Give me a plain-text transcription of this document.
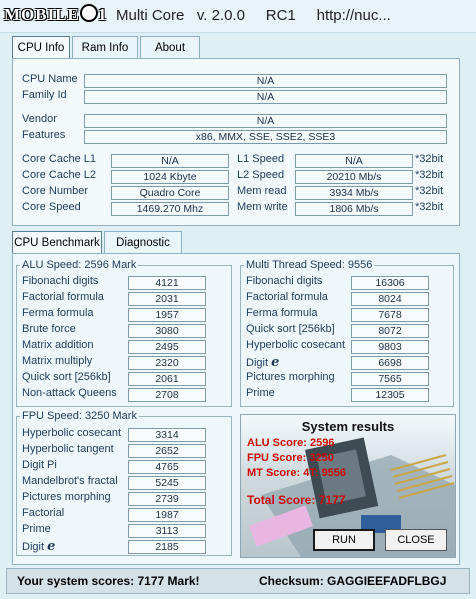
MOBILE 1 Multi Core   v. 2.0.0     RC1     http://nuc...
CPU Info	Ram Info	About
CPU Name	N/A
Family Id	N/A
Vendor	N/A
Features	x86, MMX, SSE, SSE2, SSE3
Core Cache L1	N/A
Core Cache L2	1024 Kbyte
Core Number	Quadro Core
Core Speed	1469.270 Mhz
L1 Speed	N/A	*32bit
L2 Speed	20210 Mb/s	*32bit
Mem read	3934 Mb/s	*32bit
Mem write	1806 Mb/s	*32bit
CPU Benchmark	Diagnostic
ALU Speed: 2596 Mark
Fibonachi digits	4121
Factorial formula	2031
Ferma formula	1957
Brute force	3080
Matrix addition	2495
Matrix multiply	2320
Quick sort [256kb]	2061
Non-attack Queens	2708
Multi Thread Speed: 9556
Fibonachi digits	16306
Factorial formula	8024
Ferma formula	7678
Quick sort [256kb]	8072
Hyperbolic cosecant	9803
Digit e	6698
Pictures morphing	7565
Prime	12305
FPU Speed: 3250 Mark
Hyperbolic cosecant	3314
Hyperbolic tangent	2652
Digit Pi	4765
Mandelbrot's fractal	5245
Pictures morphing	2739
Factorial	1987
Prime	3113
Digit e	2185
System results
ALU Score: 2596
FPU Score: 3250
MT Score: 4T: 9556
Total Score: 7177
RUN	CLOSE
Your system scores: 7177 Mark!	Checksum: GAGGIEEFADFLBGJ
